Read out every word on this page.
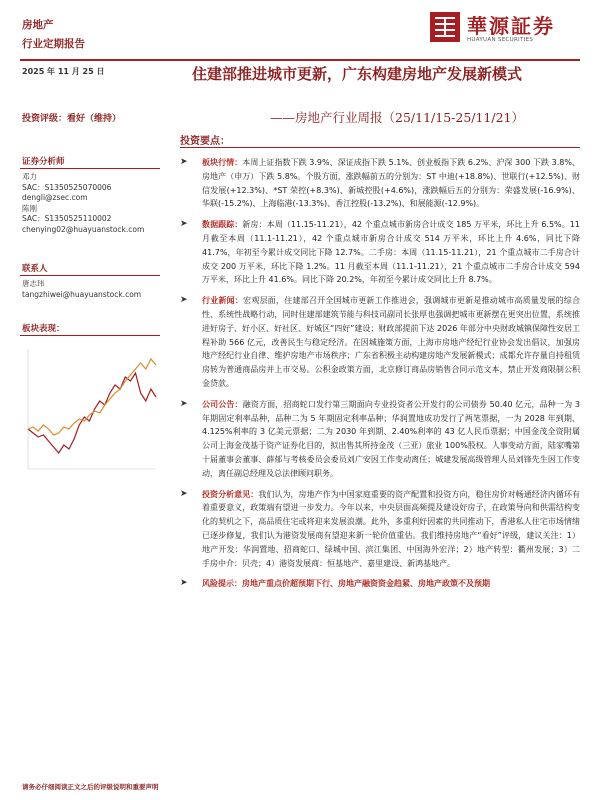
房地产
行业定期报告
華源証券
HUAYUAN SECURITIES
2025 年 11 月 25 日	住建部推进城市更新，广东构建房地产发展新模式
投资评级：看好（维持）	——房地产行业周报（25/11/15-25/11/21）
投资要点：
证券分析师
邓力
SAC：S1350525070006
dengli@zsec.com
陈刚
SAC：S1350525110002
chenying02@huayuanstock.com
联系人
唐志玮
tangzhiwei@huayuanstock.com
板块表现：
➤ 板块行情：本周上证指数下跌 3.9%、深证成指下跌 5.1%、创业板指下跌 6.2%、沪深 300 下跌 3.8%、房地产（申万）下跌 5.8%。个股方面，涨跌幅前五的分别为：ST 中迪(+18.8%)、世联行(+12.5%)、财信发展(+12.3%)、*ST 荣控(+8.3%)、新城控股(+4.6%)，涨跌幅后五的分别为：荣盛发展(-16.9%)、华联(-15.2%)、上海临港(-13.3%)、香江控股(-13.2%)、和展能源(-12.9%)。
➤ 数据跟踪：新房：本周（11.15-11.21），42 个重点城市新房合计成交 185 万平米，环比上升 6.5%。11 月截至本周（11.1-11.21），42 个重点城市新房合计成交 514 万平米，环比上升 4.6%，同比下降 41.7%，年初至今累计成交同比下降 12.7%。二手房：本周（11.15-11.21），21 个重点城市二手房合计成交 200 万平米，环比下降 1.2%。11 月截至本周（11.1-11.21），21 个重点城市二手房合计成交 594 万平米，环比上升 41.6%。同比下降 20.2%，年初至今累计成交同比上升 8.7%。
➤ 行业新闻：宏观层面，住建部召开全国城市更新工作推进会，强调城市更新是推动城市高质量发展的综合性、系统性战略行动，同时住建部建筑节能与科技司副司长张厚也强调把城市更新摆在更突出位置，系统推进好房子、好小区、好社区、好城区“四好”建设；财政部提前下达 2026 年部分中央财政城镇保障性安居工程补助 566 亿元，改善民生与稳定经济。在因城施策方面，上海市房地产经纪行业协会发出倡议，加强房地产经纪行业自律、维护房地产市场秩序；广东省积极主动构建房地产发展新模式；成都允许存量自持租赁房转为普通商品房并上市交易。公积金政策方面，北京修订商品房销售合同示范文本，禁止开发商限制公积金贷款。
➤ 公司公告：融资方面，招商蛇口发行第三期面向专业投资者公开发行的公司债券 50.40 亿元，品种一为 3 年期固定利率品种，品种二为 5 年期固定利率品种；华润置地成功发行了两笔票据，一为 2028 年到期、4.125%利率的 3 亿美元票据；二为 2030 年到期、2.40%利率的 43 亿人民币票据；中国金茂全资附属公司上海金茂基于资产证券化目的，拟出售其所持金茂（三亚）旅业 100%股权。人事变动方面，陆家嘴第十届董事会董事、薛郁与考核委员会委员刘广安因工作变动离任；城建发展高级管理人员刘锋先生因工作变动，离任副总经理及总法律顾问职务。
➤ 投资分析意见：我们认为，房地产作为中国家庭重要的资产配置和投资方向，稳住房价对畅通经济内循环有着重要意义，政策端有望进一步发力。今年以来，中央层面高频提及建设好房子，在政策导向和供需结构变化的契机之下，高品质住宅或将迎来发展浪潮。此外，多重利好因素的共同推动下，香港私人住宅市场情绪已逐步修复，我们认为港资发展商有望迎来新一轮价值重估。我们维持房地产“看好”评级，建议关注：1）地产开发：华润置地、招商蛇口、绿城中国、滨江集团、中国海外宏洋；2）地产转型：衢州发展；3）二手房中介：贝壳；4）港资发展商：恒基地产、嘉里建设、新鸿基地产。
➤ 风险提示：房地产重点价超预期下行、房地产融资资金趋紧、房地产政策不及预期
请务必仔细阅读正文之后的评级说明和重要声明
